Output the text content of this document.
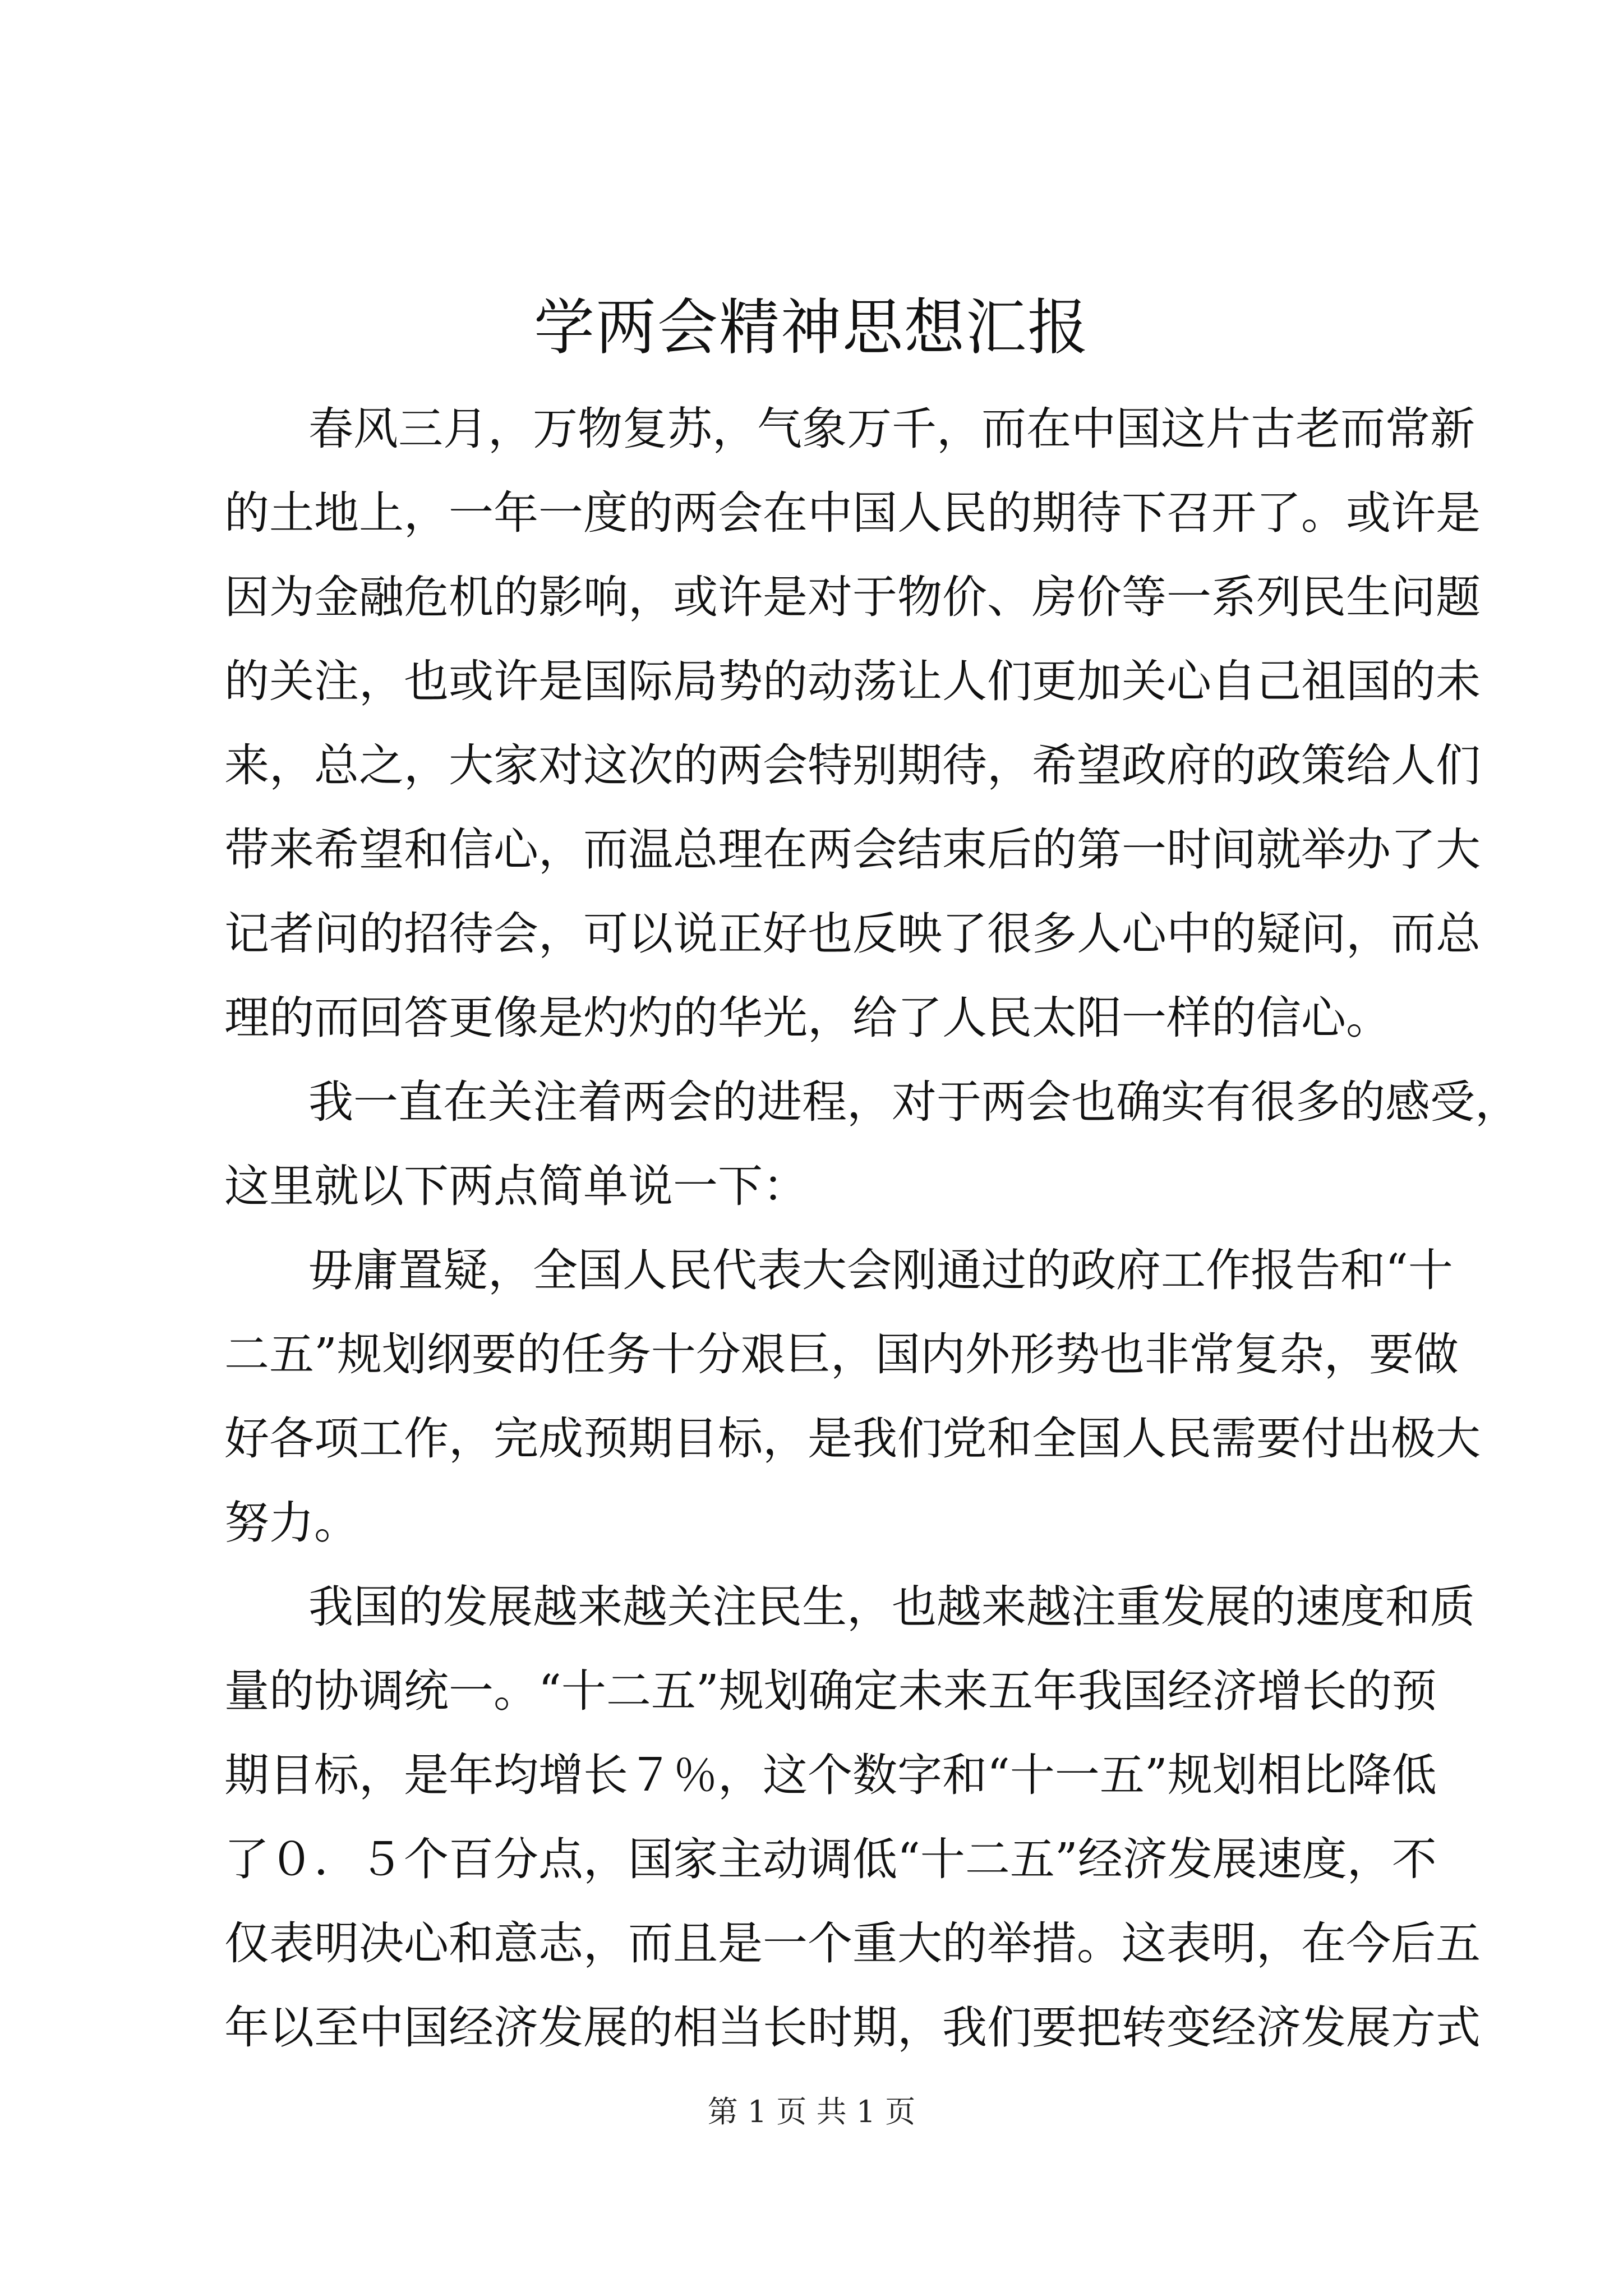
学两会精神思想汇报
春风三月，万物复苏，气象万千，而在中国这片古老而常新
的土地上，一年一度的两会在中国人民的期待下召开了。或许是
因为金融危机的影响，或许是对于物价、房价等一系列民生问题
的关注，也或许是国际局势的动荡让人们更加关心自己祖国的未
来，总之，大家对这次的两会特别期待，希望政府的政策给人们
带来希望和信心，而温总理在两会结束后的第一时间就举办了大
记者问的招待会，可以说正好也反映了很多人心中的疑问，而总
理的而回答更像是灼灼的华光，给了人民太阳一样的信心。
我一直在关注着两会的进程，对于两会也确实有很多的感受，
这里就以下两点简单说一下：
毋庸置疑，全国人民代表大会刚通过的政府工作报告和“十
二五”规划纲要的任务十分艰巨，国内外形势也非常复杂，要做
好各项工作，完成预期目标，是我们党和全国人民需要付出极大
努力。
我国的发展越来越关注民生，也越来越注重发展的速度和质
量的协调统一。“十二五”规划确定未来五年我国经济增长的预
期目标，是年均增长７％，这个数字和“十一五”规划相比降低
了０．５个百分点，国家主动调低“十二五”经济发展速度，不
仅表明决心和意志，而且是一个重大的举措。这表明，在今后五
年以至中国经济发展的相当长时期，我们要把转变经济发展方式
第 1 页 共 1 页
